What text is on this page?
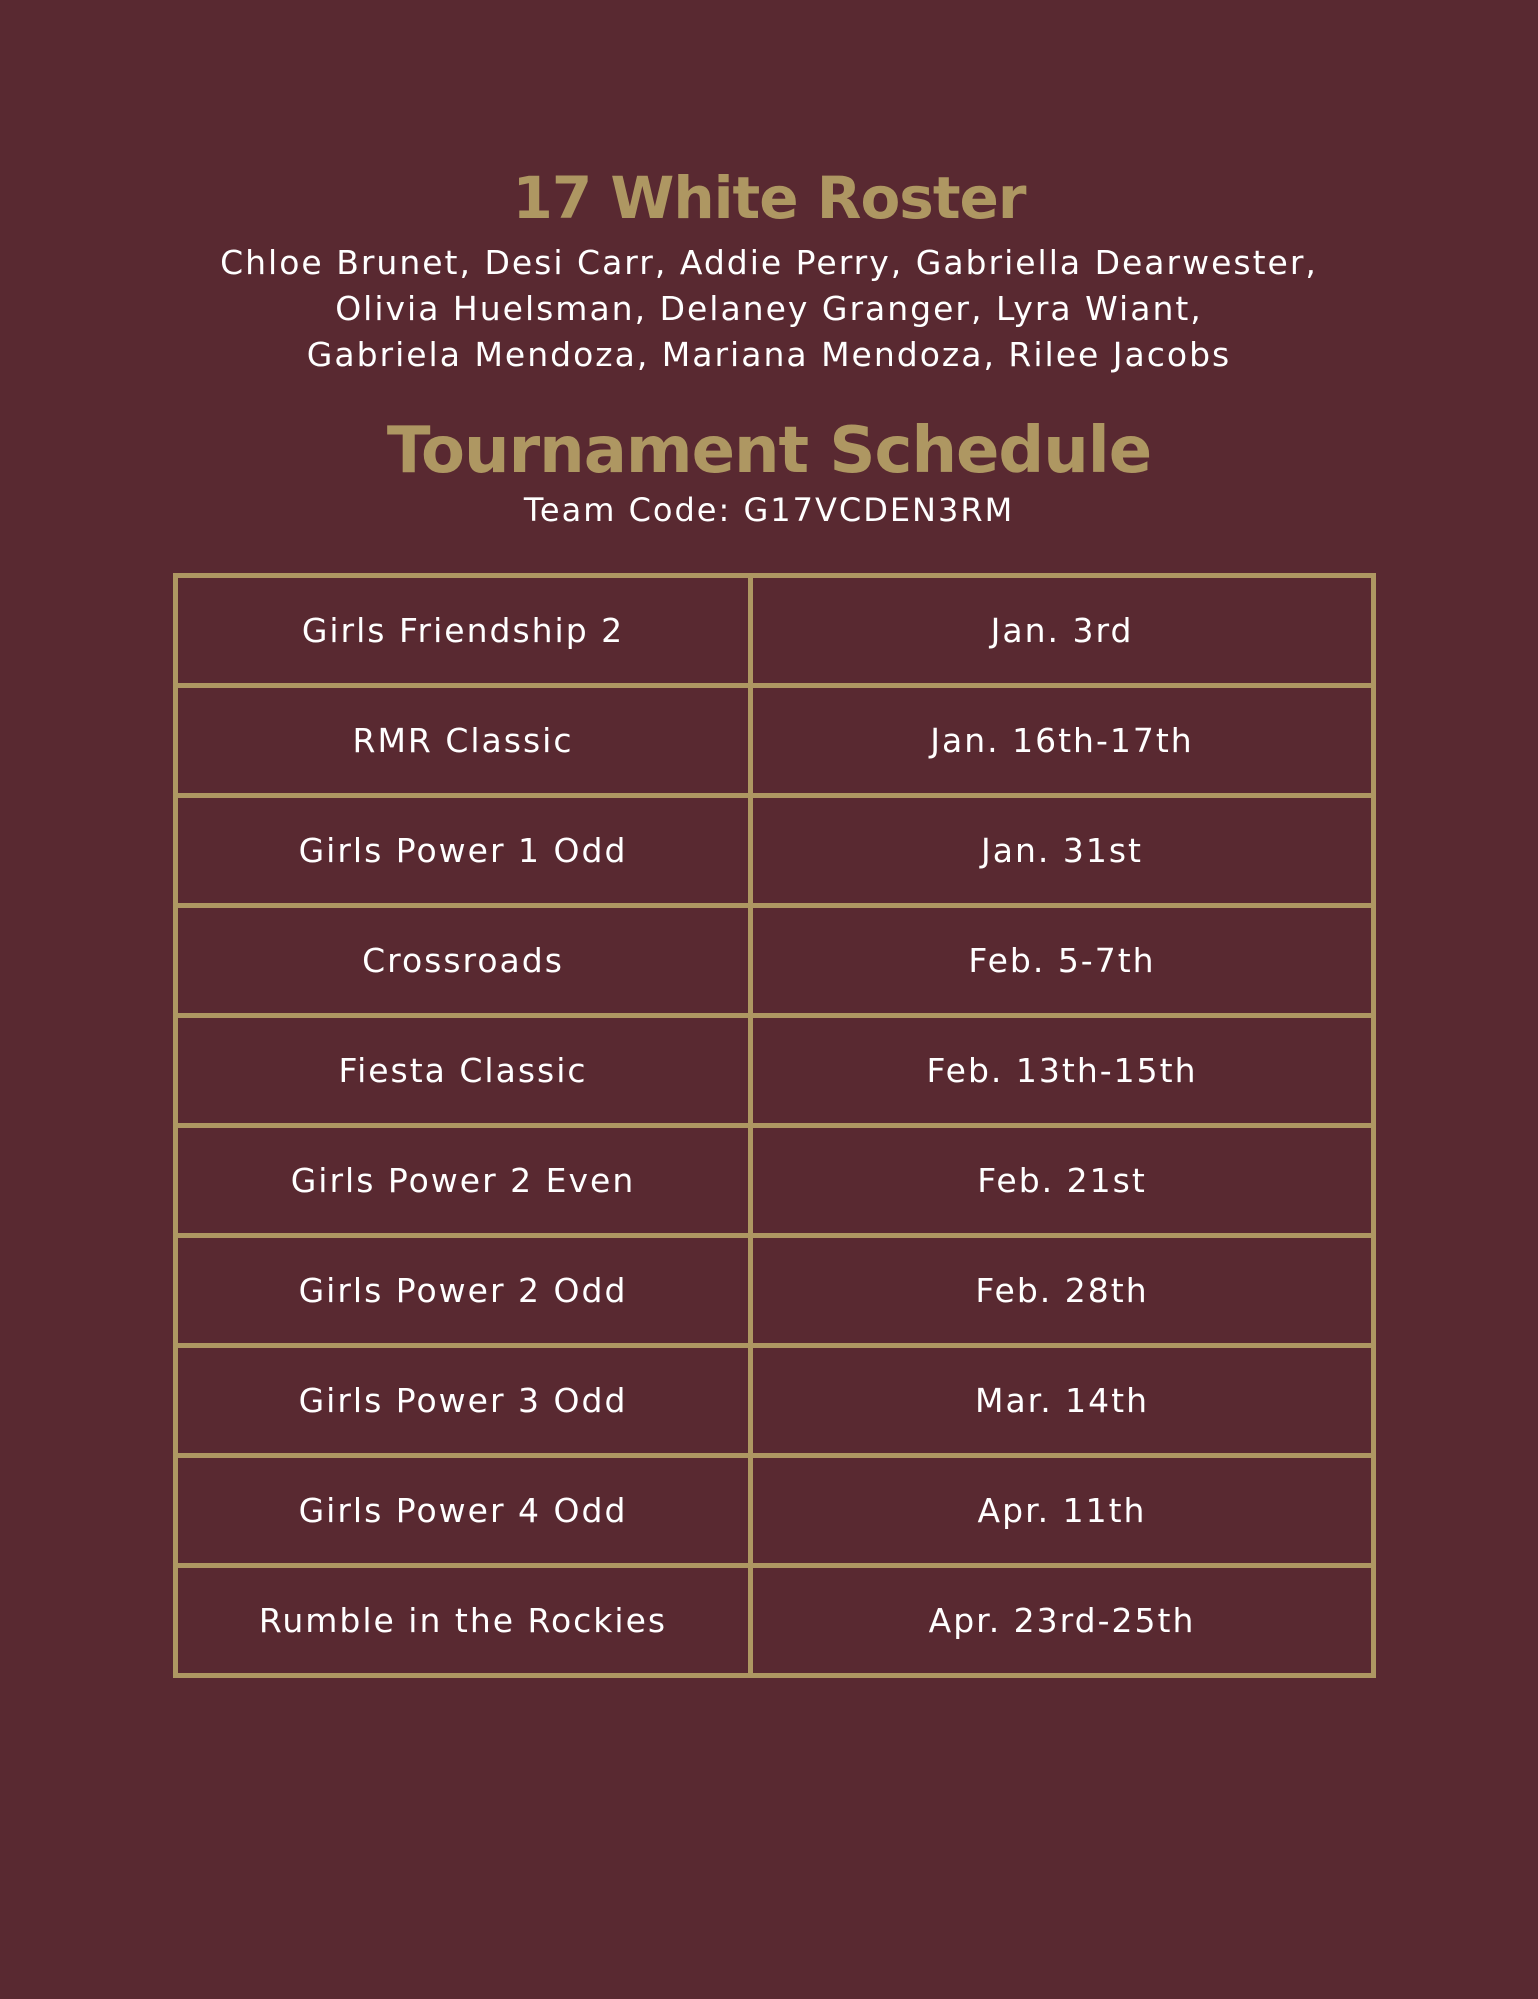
17 White Roster

Chloe Brunet, Desi Carr, Addie Perry, Gabriella Dearwester,
Olivia Huelsman, Delaney Granger, Lyra Wiant,
Gabriela Mendoza, Mariana Mendoza, Rilee Jacobs

Tournament Schedule

Team Code: G17VCDEN3RM

Girls Friendship 2	Jan. 3rd
RMR Classic	Jan. 16th-17th
Girls Power 1 Odd	Jan. 31st
Crossroads	Feb. 5-7th
Fiesta Classic	Feb. 13th-15th
Girls Power 2 Even	Feb. 21st
Girls Power 2 Odd	Feb. 28th
Girls Power 3 Odd	Mar. 14th
Girls Power 4 Odd	Apr. 11th
Rumble in the Rockies	Apr. 23rd-25th
